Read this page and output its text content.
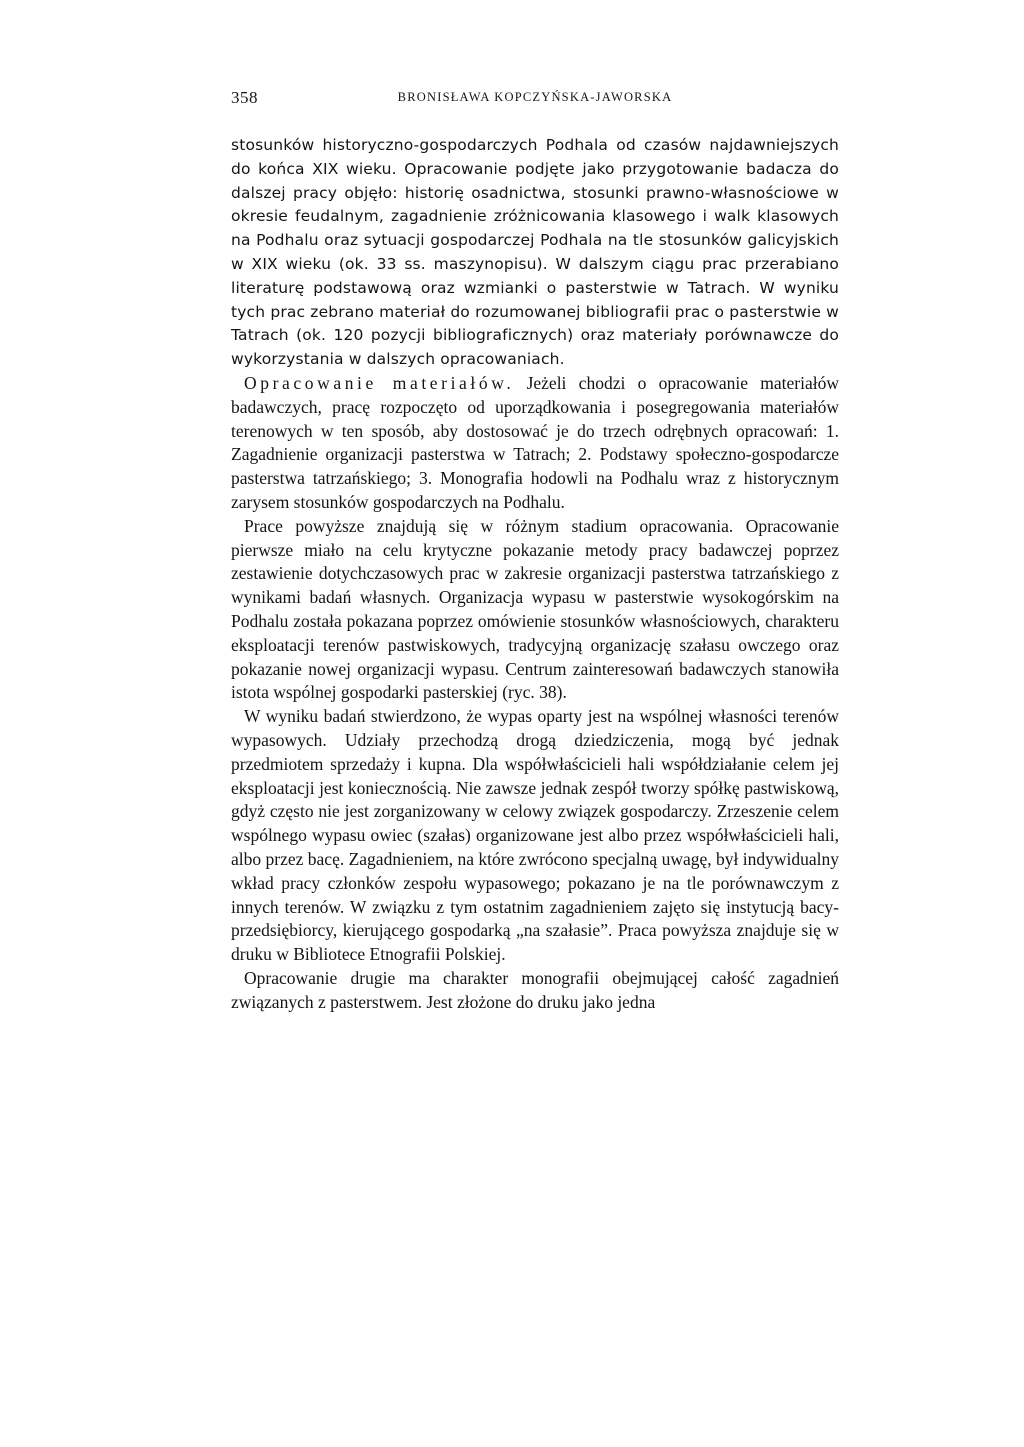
358	BRONISŁAWA KOPCZYŃSKA-JAWORSKA

stosunków historyczno-gospodarczych Podhala od czasów najdawniejszych do końca XIX wieku. Opracowanie podjęte jako przygotowanie badacza do dalszej pracy objęło: historię osadnictwa, stosunki prawno-własnościowe w okresie feudalnym, zagadnienie zróżnicowania klasowego i walk klasowych na Podhalu oraz sytuacji gospodarczej Podhala na tle stosunków galicyjskich w XIX wieku (ok. 33 ss. maszynopisu). W dalszym ciągu prac przerabiano literaturę podstawową oraz wzmianki o pasterstwie w Tatrach. W wyniku tych prac zebrano materiał do rozumowanej bibliografii prac o pasterstwie w Tatrach (ok. 120 pozycji bibliograficznych) oraz materiały porównawcze do wykorzystania w dalszych opracowaniach.

Opracowanie materiałów. Jeżeli chodzi o opracowanie materiałów badawczych, pracę rozpoczęto od uporządkowania i posegregowania materiałów terenowych w ten sposób, aby dostosować je do trzech odrębnych opracowań: 1. Zagadnienie organizacji pasterstwa w Tatrach; 2. Podstawy społeczno-gospodarcze pasterstwa tatrzańskiego; 3. Monografia hodowli na Podhalu wraz z historycznym zarysem stosunków gospodarczych na Podhalu.

Prace powyższe znajdują się w różnym stadium opracowania. Opracowanie pierwsze miało na celu krytyczne pokazanie metody pracy badawczej poprzez zestawienie dotychczasowych prac w zakresie organizacji pasterstwa tatrzańskiego z wynikami badań własnych. Organizacja wypasu w pasterstwie wysokogórskim na Podhalu została pokazana poprzez omówienie stosunków własnościowych, charakteru eksploatacji terenów pastwiskowych, tradycyjną organizację szałasu owczego oraz pokazanie nowej organizacji wypasu. Centrum zainteresowań badawczych stanowiła istota wspólnej gospodarki pasterskiej (ryc. 38).

W wyniku badań stwierdzono, że wypas oparty jest na wspólnej własności terenów wypasowych. Udziały przechodzą drogą dziedziczenia, mogą być jednak przedmiotem sprzedaży i kupna. Dla współwłaścicieli hali współdziałanie celem jej eksploatacji jest koniecznością. Nie zawsze jednak zespół tworzy spółkę pastwiskową, gdyż często nie jest zorganizowany w celowy związek gospodarczy. Zrzeszenie celem wspólnego wypasu owiec (szałas) organizowane jest albo przez współwłaścicieli hali, albo przez bacę. Zagadnieniem, na które zwrócono specjalną uwagę, był indywidualny wkład pracy członków zespołu wypasowego; pokazano je na tle porównawczym z innych terenów. W związku z tym ostatnim zagadnieniem zajęto się instytucją bacy-przedsiębiorcy, kierującego gospodarką „na szałasie”. Praca powyższa znajduje się w druku w Bibliotece Etnografii Polskiej.

Opracowanie drugie ma charakter monografii obejmującej całość zagadnień związanych z pasterstwem. Jest złożone do druku jako jedna
